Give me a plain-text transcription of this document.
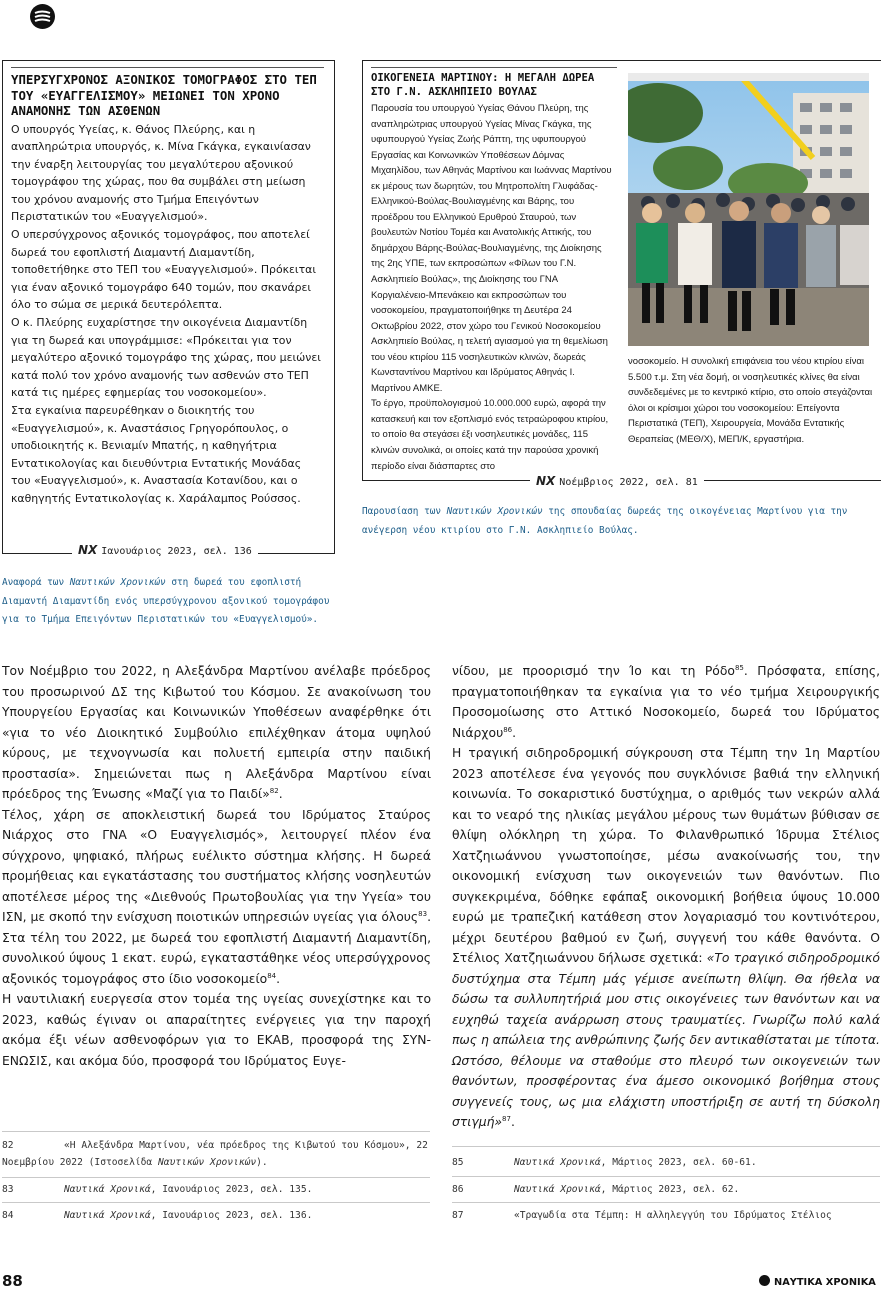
ΥΠΕΡΣΥΓΧΡΟΝΟΣ ΑΞΟΝΙΚΟΣ ΤΟΜΟΓΡΑΦΟΣ ΣΤΟ ΤΕΠ ΤΟΥ «ΕΥΑΓΓΕΛΙΣΜΟΥ» ΜΕΙΩΝΕΙ ΤΟΝ ΧΡΟΝΟ ΑΝΑΜΟΝΗΣ ΤΩΝ ΑΣΘΕΝΩΝ

Ο υπουργός Υγείας, κ. Θάνος Πλεύρης, και η αναπληρώτρια υπουργός, κ. Μίνα Γκάγκα, εγκαινίασαν την έναρξη λειτουργίας του μεγαλύτερου αξονικού τομογράφου της χώρας, που θα συμβάλει στη μείωση του χρόνου αναμονής στο Τμήμα Επειγόντων Περιστατικών του «Ευαγγελισμού».

Ο υπερσύγχρονος αξονικός τομογράφος, που αποτελεί δωρεά του εφοπλιστή Διαμαντή Διαμαντίδη, τοποθετήθηκε στο ΤΕΠ του «Ευαγγελισμού». Πρόκειται για έναν αξονικό τομογράφο 640 τομών, που σκανάρει όλο το σώμα σε μερικά δευτερόλεπτα.

Ο κ. Πλεύρης ευχαρίστησε την οικογένεια Διαμαντίδη για τη δωρεά και υπογράμμισε: «Πρόκειται για τον μεγαλύτερο αξονικό τομογράφο της χώρας, που μειώνει κατά πολύ τον χρόνο αναμονής των ασθενών στο ΤΕΠ κατά τις ημέρες εφημερίας του νοσοκομείου».

Στα εγκαίνια παρευρέθηκαν ο διοικητής του «Ευαγγελισμού», κ. Αναστάσιος Γρηγορόπουλος, ο υποδιοικητής κ. Βενιαμίν Μπατής, η καθηγήτρια Εντατικολογίας και διευθύντρια Εντατικής Μονάδας του «Ευαγγελισμού», κ. Αναστασία Κοτανίδου, και ο καθηγητής Εντατικολογίας κ. Χαράλαμπος Ρούσσος.

NX Ιανουάριος 2023, σελ. 136
Αναφορά των Ναυτικών Χρονικών στη δωρεά του εφοπλιστή Διαμαντή Διαμαντίδη ενός υπερσύγχρονου αξονικού τομογράφου για το Τμήμα Επειγόντων Περιστατικών του «Ευαγγελισμού».
ΟΙΚΟΓΕΝΕΙΑ ΜΑΡΤΙΝΟΥ: Η ΜΕΓΑΛΗ ΔΩΡΕΑ ΣΤΟ Γ.Ν. ΑΣΚΛΗΠΙΕΙΟ ΒΟΥΛΑΣ

Παρουσία του υπουργού Υγείας Θάνου Πλεύρη, της αναπληρώτριας υπουργού Υγείας Μίνας Γκάγκα, της υφυπουργού Υγείας Ζωής Ράπτη, της υφυπουργού Εργασίας και Κοινωνικών Υποθέσεων Δόμνας Μιχαηλίδου, των Αθηνάς Μαρτίνου και Ιωάννας Μαρτίνου εκ μέρους των δωρητών, του Μητροπολίτη Γλυφάδας-Ελληνικού-Βούλας-Βουλιαγμένης και Βάρης, του προέδρου του Ελληνικού Ερυθρού Σταυρού, των βουλευτών Νοτίου Τομέα και Ανατολικής Αττικής, του δημάρχου Βάρης-Βούλας-Βουλιαγμένης, της Διοίκησης της 2ης ΥΠΕ, των εκπροσώπων «Φίλων του Γ.Ν. Ασκληπιείο Βούλας», της Διοίκησης του ΓΝΑ Κοργιαλένειο-Μπενάκειο και εκπροσώπων του νοσοκομείου, πραγματοποιήθηκε τη Δευτέρα 24 Οκτωβρίου 2022, στον χώρο του Γενικού Νοσοκομείου Ασκληπιείο Βούλας, η τελετή αγιασμού για τη θεμελίωση του νέου κτιρίου 115 νοσηλευτικών κλινών, δωρεάς Κωνσταντίνου Μαρτίνου και Ιδρύματος Αθηνάς Ι. Μαρτίνου ΑΜΚΕ.

Το έργο, προϋπολογισμού 10.000.000 ευρώ, αφορά την κατασκευή και τον εξοπλισμό ενός τετραώροφου κτιρίου, το οποίο θα στεγάσει έξι νοσηλευτικές μονάδες, 115 κλινών συνολικά, οι οποίες κατά την παρούσα χρονική περίοδο είναι διάσπαρτες στο

νοσοκομείο. Η συνολική επιφάνεια του νέου κτιρίου είναι 5.500 τ.μ. Στη νέα δομή, οι νοσηλευτικές κλίνες θα είναι συνδεδεμένες με το κεντρικό κτίριο, στο οποίο στεγάζονται όλοι οι κρίσιμοι χώροι του νοσοκομείου: Επείγοντα Περιστατικά (ΤΕΠ), Χειρουργεία, Μονάδα Εντατικής Θεραπείας (ΜΕΘ/Χ), ΜΕΠ/Κ, εργαστήρια.
NX Νοέμβριος 2022, σελ. 81
Παρουσίαση των Ναυτικών Χρονικών της σπουδαίας δωρεάς της οικογένειας Μαρτίνου για την ανέγερση νέου κτιρίου στο Γ.Ν. Ασκληπιείο Βούλας.

Τον Νοέμβριο του 2022, η Αλεξάνδρα Μαρτίνου ανέλαβε πρόεδρος του προσωρινού ΔΣ της Κιβωτού του Κόσμου. Σε ανακοίνωση του Υπουργείου Εργασίας και Κοινωνικών Υποθέσεων αναφέρθηκε ότι «για το νέο Διοικητικό Συμβούλιο επιλέχθηκαν άτομα υψηλού κύρους, με τεχνογνωσία και πολυετή εμπειρία στην παιδική προστασία». Σημειώνεται πως η Αλεξάνδρα Μαρτίνου είναι πρόεδρος της Ένωσης «Μαζί για το Παιδί»$^{82}$.

Τέλος, χάρη σε αποκλειστική δωρεά του Ιδρύματος Σταύρος Νιάρχος στο ΓΝΑ «Ο Ευαγγελισμός», λειτουργεί πλέον ένα σύγχρονο, ψηφιακό, πλήρως ευέλικτο σύστημα κλήσης. Η δωρεά προμήθειας και εγκατάστασης του συστήματος κλήσης νοσηλευτών αποτέλεσε μέρος της «Διεθνούς Πρωτοβουλίας για την Υγεία» του ΙΣΝ, με σκοπό την ενίσχυση ποιοτικών υπηρεσιών υγείας για όλους$^{83}$. Στα τέλη του 2022, με δωρεά του εφοπλιστή Διαμαντή Διαμαντίδη, συνολικού ύψους 1 εκατ. ευρώ, εγκαταστάθηκε νέος υπερσύγχρονος αξονικός τομογράφος στο ίδιο νοσοκομείο$^{84}$.

Η ναυτιλιακή ευεργεσία στον τομέα της υγείας συνεχίστηκε και το 2023, καθώς έγιναν οι απαραίτητες ενέργειες για την παροχή ακόμα έξι νέων ασθενοφόρων για το ΕΚΑΒ, προσφορά της ΣΥΝ-ΕΝΩΣΙΣ, και ακόμα δύο, προσφορά του Ιδρύματος Ευγε-

νίδου, με προορισμό την Ίο και τη Ρόδο$^{85}$. Πρόσφατα, επίσης, πραγματοποιήθηκαν τα εγκαίνια για το νέο τμήμα Χειρουργικής Προσομοίωσης στο Αττικό Νοσοκομείο, δωρεά του Ιδρύματος Νιάρχου$^{86}$.

Η τραγική σιδηροδρομική σύγκρουση στα Τέμπη την 1η Μαρτίου 2023 αποτέλεσε ένα γεγονός που συγκλόνισε βαθιά την ελληνική κοινωνία. Το σοκαριστικό δυστύχημα, ο αριθμός των νεκρών αλλά και το νεαρό της ηλικίας μεγάλου μέρους των θυμάτων βύθισαν σε θλίψη ολόκληρη τη χώρα. Το Φιλανθρωπικό Ίδρυμα Στέλιος Χατζηιωάννου γνωστοποίησε, μέσω ανακοίνωσής του, την οικονομική ενίσχυση των οικογενειών των θανόντων. Πιο συγκεκριμένα, δόθηκε εφάπαξ οικονομική βοήθεια ύψους 10.000 ευρώ με τραπεζική κατάθεση στον λογαριασμό του κοντινότερου, μέχρι δευτέρου βαθμού εν ζωή, συγγενή του κάθε θανόντα. Ο Στέλιος Χατζηιωάννου δήλωσε σχετικά: «Το τραγικό σιδηροδρομικό δυστύχημα στα Τέμπη μάς γέμισε ανείπωτη θλίψη. Θα ήθελα να δώσω τα συλλυπητήριά μου στις οικογένειες των θανόντων και να ευχηθώ ταχεία ανάρρωση στους τραυματίες. Γνωρίζω πολύ καλά πως η απώλεια της ανθρώπινης ζωής δεν αντικαθίσταται με τίποτα. Ωστόσο, θέλουμε να σταθούμε στο πλευρό των οικογενειών των θανόντων, προσφέροντας ένα άμεσο οικονομικό βοήθημα στους συγγενείς τους, ως μια ελάχιστη υποστήριξη σε αυτή τη δύσκολη στιγμή»$^{87}$.

82	«Η Αλεξάνδρα Μαρτίνου, νέα πρόεδρος της Κιβωτού του Κόσμου», 22 Νοεμβρίου 2022 (Ιστοσελίδα Ναυτικών Χρονικών).
83	Ναυτικά Χρονικά, Ιανουάριος 2023, σελ. 135.
84	Ναυτικά Χρονικά, Ιανουάριος 2023, σελ. 136.
85	Ναυτικά Χρονικά, Μάρτιος 2023, σελ. 60-61.
86	Ναυτικά Χρονικά, Μάρτιος 2023, σελ. 62.
87	«Τραγωδία στα Τέμπη: Η αλληλεγγύη του Ιδρύματος Στέλιος
88	ΝΑΥΤΙΚΑ ΧΡΟΝΙΚΑ
